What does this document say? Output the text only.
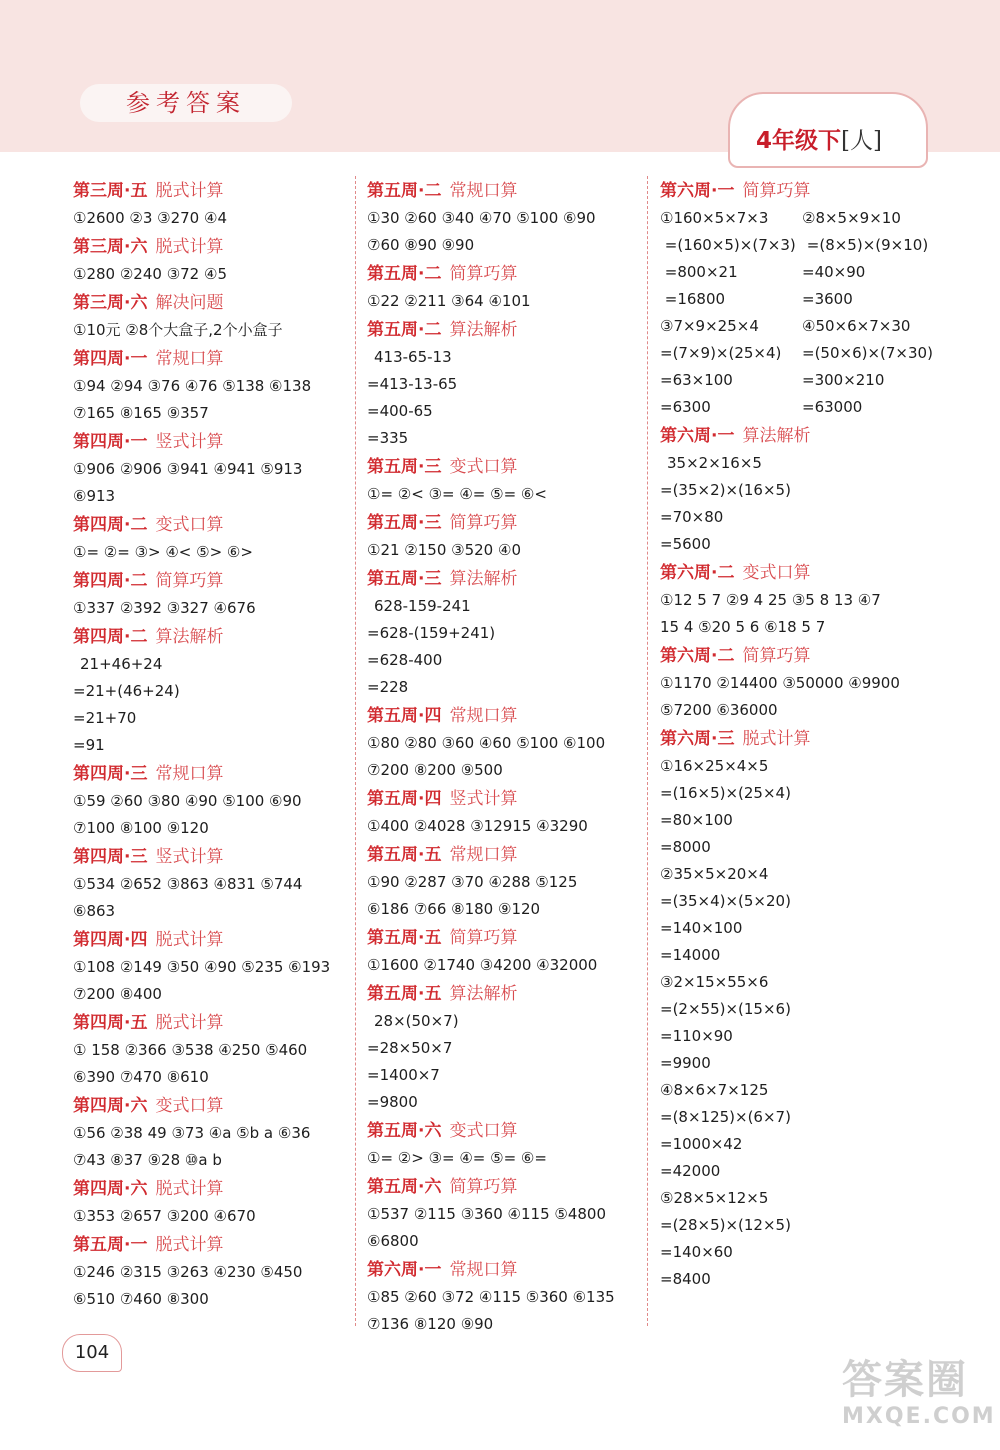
参考答案
4年级下[人]
第三周·五 脱式计算
①2600 ②3 ③270 ④4
第三周·六 脱式计算
①280 ②240 ③72 ④5
第三周·六 解决问题
①10元 ②8个大盒子,2个小盒子
第四周·一 常规口算
①94 ②94 ③76 ④76 ⑤138 ⑥138
⑦165 ⑧165 ⑨357
第四周·一 竖式计算
①906 ②906 ③941 ④941 ⑤913
⑥913
第四周·二 变式口算
①= ②= ③> ④< ⑤> ⑥>
第四周·二 简算巧算
①337 ②392 ③327 ④676
第四周·二 算法解析
21+46+24
=21+(46+24)
=21+70
=91
第四周·三 常规口算
①59 ②60 ③80 ④90 ⑤100 ⑥90
⑦100 ⑧100 ⑨120
第四周·三 竖式计算
①534 ②652 ③863 ④831 ⑤744
⑥863
第四周·四 脱式计算
①108 ②149 ③50 ④90 ⑤235 ⑥193
⑦200 ⑧400
第四周·五 脱式计算
① 158 ②366 ③538 ④250 ⑤460
⑥390 ⑦470 ⑧610
第四周·六 变式口算
①56 ②38 49 ③73 ④a ⑤b a ⑥36
⑦43 ⑧37 ⑨28 ⑩a b
第四周·六 脱式计算
①353 ②657 ③200 ④670
第五周·一 脱式计算
①246 ②315 ③263 ④230 ⑤450
⑥510 ⑦460 ⑧300
第五周·二 常规口算
①30 ②60 ③40 ④70 ⑤100 ⑥90
⑦60 ⑧90 ⑨90
第五周·二 简算巧算
①22 ②211 ③64 ④101
第五周·二 算法解析
413-65-13
=413-13-65
=400-65
=335
第五周·三 变式口算
①= ②< ③= ④= ⑤= ⑥<
第五周·三 简算巧算
①21 ②150 ③520 ④0
第五周·三 算法解析
628-159-241
=628-(159+241)
=628-400
=228
第五周·四 常规口算
①80 ②80 ③60 ④60 ⑤100 ⑥100
⑦200 ⑧200 ⑨500
第五周·四 竖式计算
①400 ②4028 ③12915 ④3290
第五周·五 常规口算
①90 ②287 ③70 ④288 ⑤125
⑥186 ⑦66 ⑧180 ⑨120
第五周·五 简算巧算
①1600 ②1740 ③4200 ④32000
第五周·五 算法解析
28×(50×7)
=28×50×7
=1400×7
=9800
第五周·六 变式口算
①= ②> ③= ④= ⑤= ⑥=
第五周·六 简算巧算
①537 ②115 ③360 ④115 ⑤4800
⑥6800
第六周·一 常规口算
①85 ②60 ③72 ④115 ⑤360 ⑥135
⑦136 ⑧120 ⑨90
第六周·一 简算巧算
①160×5×7×3	②8×5×9×10
=(160×5)×(7×3) =(8×5)×(9×10)
=800×21	=40×90
=16800	=3600
③7×9×25×4	④50×6×7×30
=(7×9)×(25×4)	=(50×6)×(7×30)
=63×100	=300×210
=6300	=63000
第六周·一 算法解析
35×2×16×5
=(35×2)×(16×5)
=70×80
=5600
第六周·二 变式口算
①12 5 7 ②9 4 25 ③5 8 13 ④7
15 4 ⑤20 5 6 ⑥18 5 7
第六周·二 简算巧算
①1170 ②14400 ③50000 ④9900
⑤7200 ⑥36000
第六周·三 脱式计算
①16×25×4×5
=(16×5)×(25×4)
=80×100
=8000
②35×5×20×4
=(35×4)×(5×20)
=140×100
=14000
③2×15×55×6
=(2×55)×(15×6)
=110×90
=9900
④8×6×7×125
=(8×125)×(6×7)
=1000×42
=42000
⑤28×5×12×5
=(28×5)×(12×5)
=140×60
=8400
104
答案圈
MXQE.COM
